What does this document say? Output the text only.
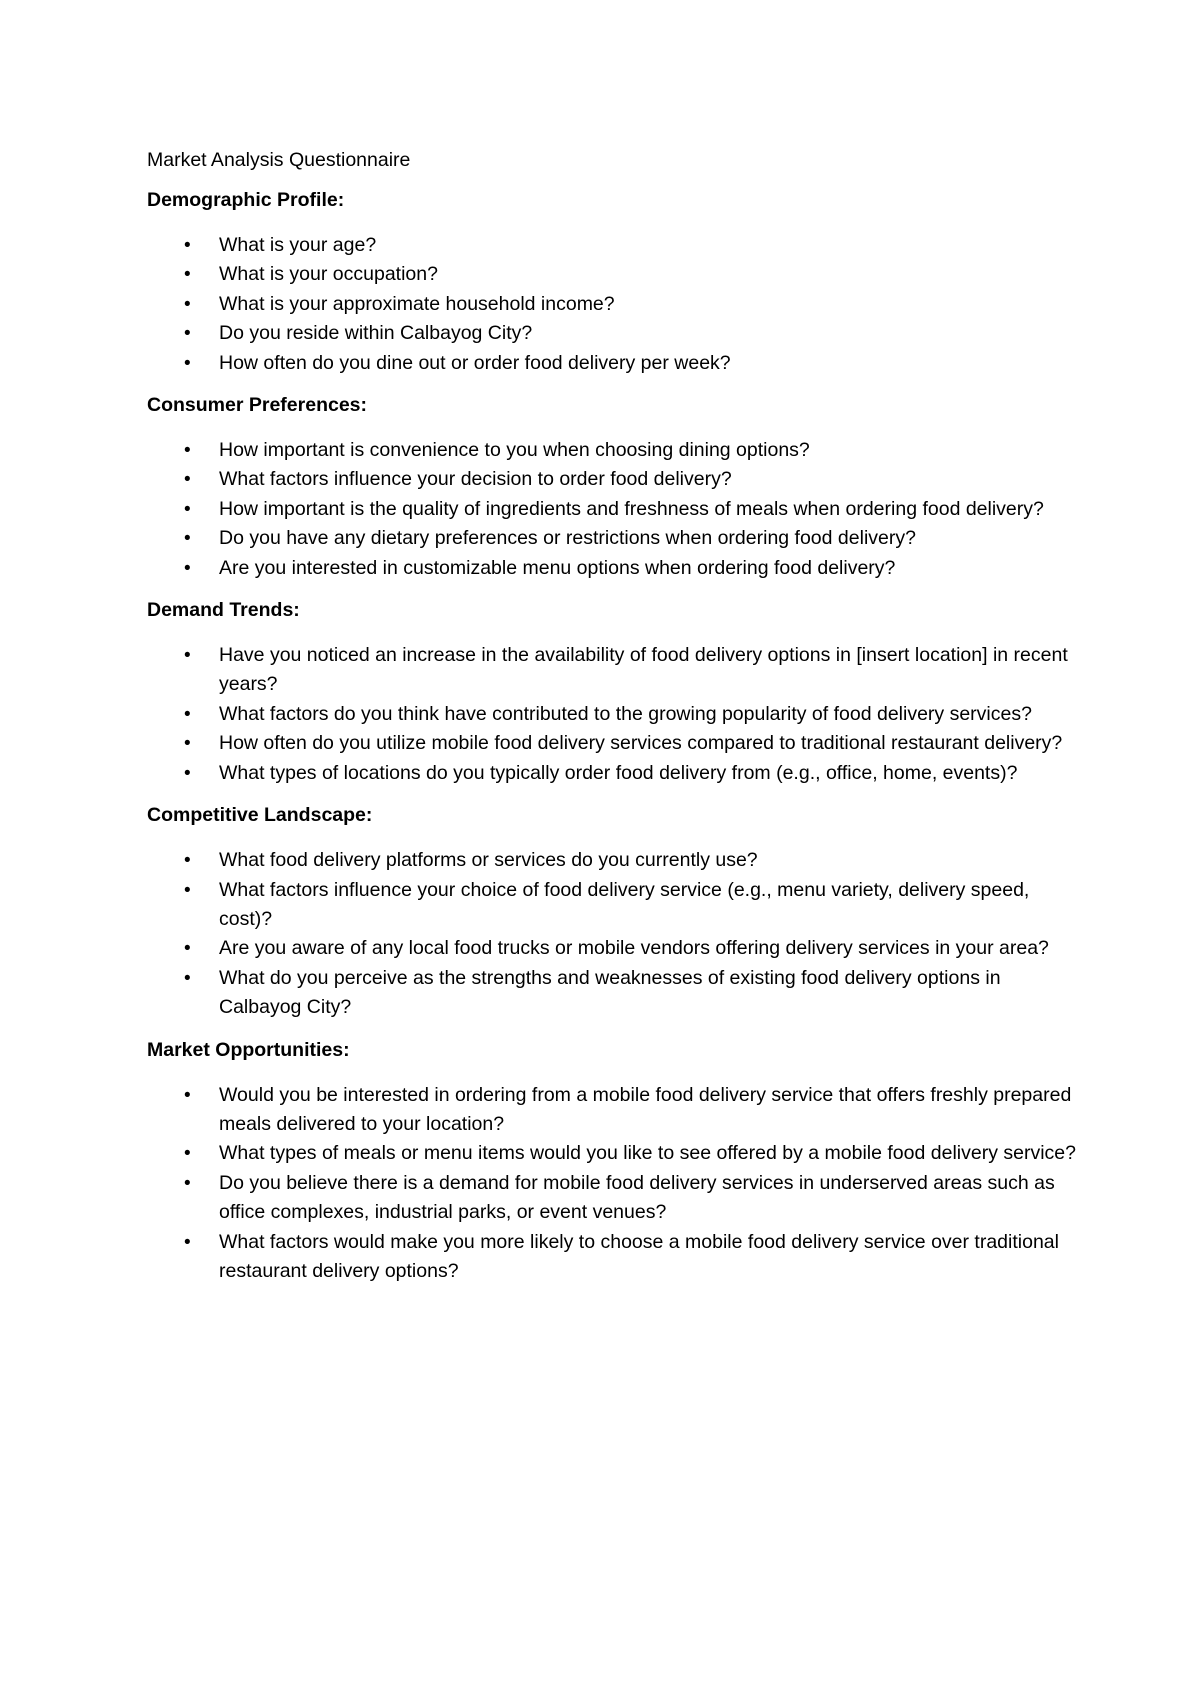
Market Analysis Questionnaire
Demographic Profile:
• What is your age?
• What is your occupation?
• What is your approximate household income?
• Do you reside within Calbayog City?
• How often do you dine out or order food delivery per week?
Consumer Preferences:
• How important is convenience to you when choosing dining options?
• What factors influence your decision to order food delivery?
• How important is the quality of ingredients and freshness of meals when ordering food delivery?
• Do you have any dietary preferences or restrictions when ordering food delivery?
• Are you interested in customizable menu options when ordering food delivery?
Demand Trends:
• Have you noticed an increase in the availability of food delivery options in [insert location] in recent years?
• What factors do you think have contributed to the growing popularity of food delivery services?
• How often do you utilize mobile food delivery services compared to traditional restaurant delivery?
• What types of locations do you typically order food delivery from (e.g., office, home, events)?
Competitive Landscape:
• What food delivery platforms or services do you currently use?
• What factors influence your choice of food delivery service (e.g., menu variety, delivery speed, cost)?
• Are you aware of any local food trucks or mobile vendors offering delivery services in your area?
• What do you perceive as the strengths and weaknesses of existing food delivery options in Calbayog City?
Market Opportunities:
• Would you be interested in ordering from a mobile food delivery service that offers freshly prepared meals delivered to your location?
• What types of meals or menu items would you like to see offered by a mobile food delivery service?
• Do you believe there is a demand for mobile food delivery services in underserved areas such as office complexes, industrial parks, or event venues?
• What factors would make you more likely to choose a mobile food delivery service over traditional restaurant delivery options?
